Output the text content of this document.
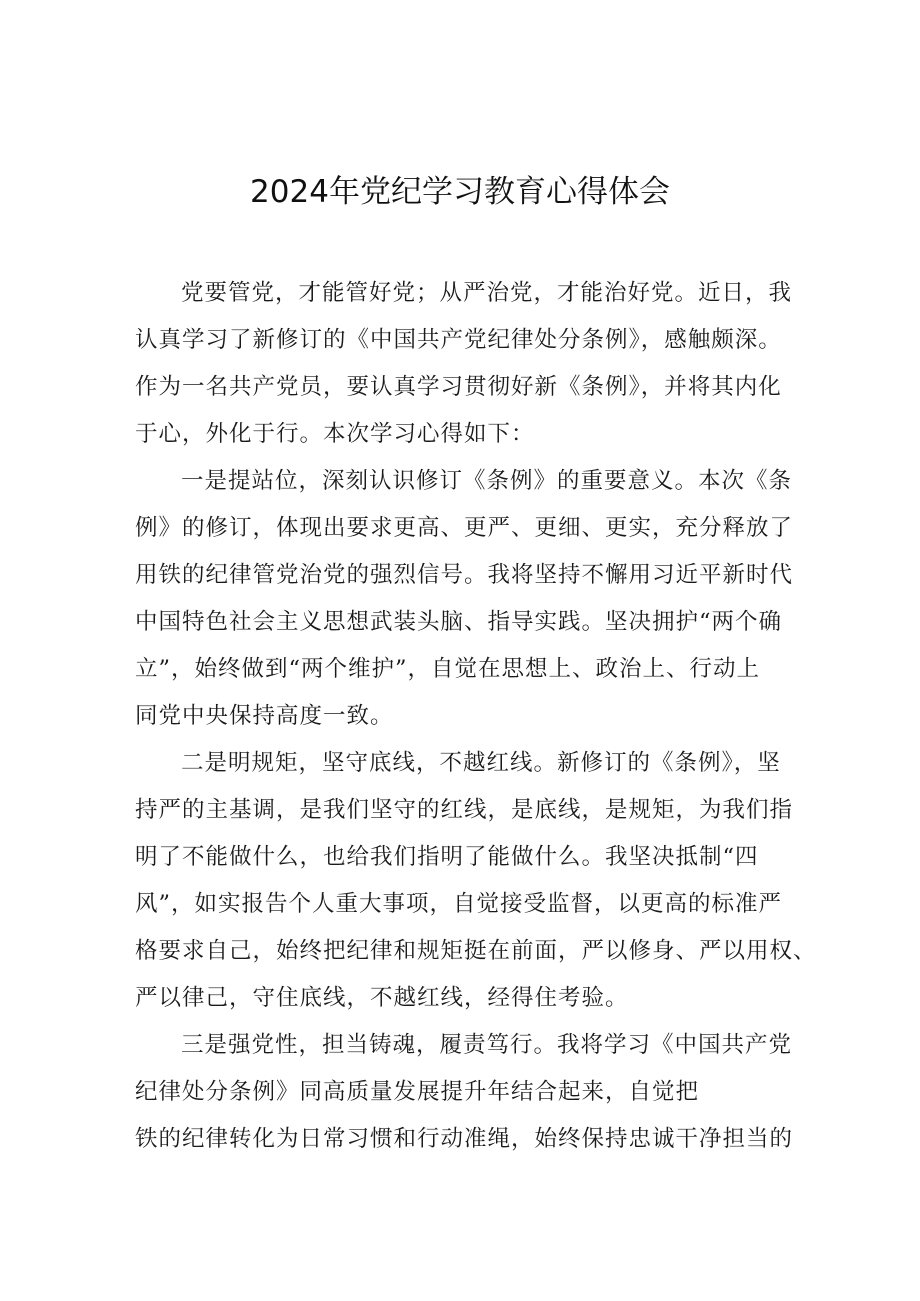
2024年党纪学习教育心得体会
党要管党，才能管好党；从严治党，才能治好党。近日，我
认真学习了新修订的《中国共产党纪律处分条例》，感触颇深。
作为一名共产党员，要认真学习贯彻好新《条例》，并将其内化
于心，外化于行。本次学习心得如下：
一是提站位，深刻认识修订《条例》的重要意义。本次《条
例》的修订，体现出要求更高、更严、更细、更实，充分释放了
用铁的纪律管党治党的强烈信号。我将坚持不懈用习近平新时代
中国特色社会主义思想武装头脑、指导实践。坚决拥护“两个确
立”，始终做到“两个维护”，自觉在思想上、政治上、行动上
同党中央保持高度一致。
二是明规矩，坚守底线，不越红线。新修订的《条例》，坚
持严的主基调，是我们坚守的红线，是底线，是规矩，为我们指
明了不能做什么，也给我们指明了能做什么。我坚决抵制“四
风”，如实报告个人重大事项，自觉接受监督，以更高的标准严
格要求自己，始终把纪律和规矩挺在前面，严以修身、严以用权、
严以律己，守住底线，不越红线，经得住考验。
三是强党性，担当铸魂，履责笃行。我将学习《中国共产党
纪律处分条例》同高质量发展提升年结合起来，自觉把
铁的纪律转化为日常习惯和行动准绳，始终保持忠诚干净担当的
